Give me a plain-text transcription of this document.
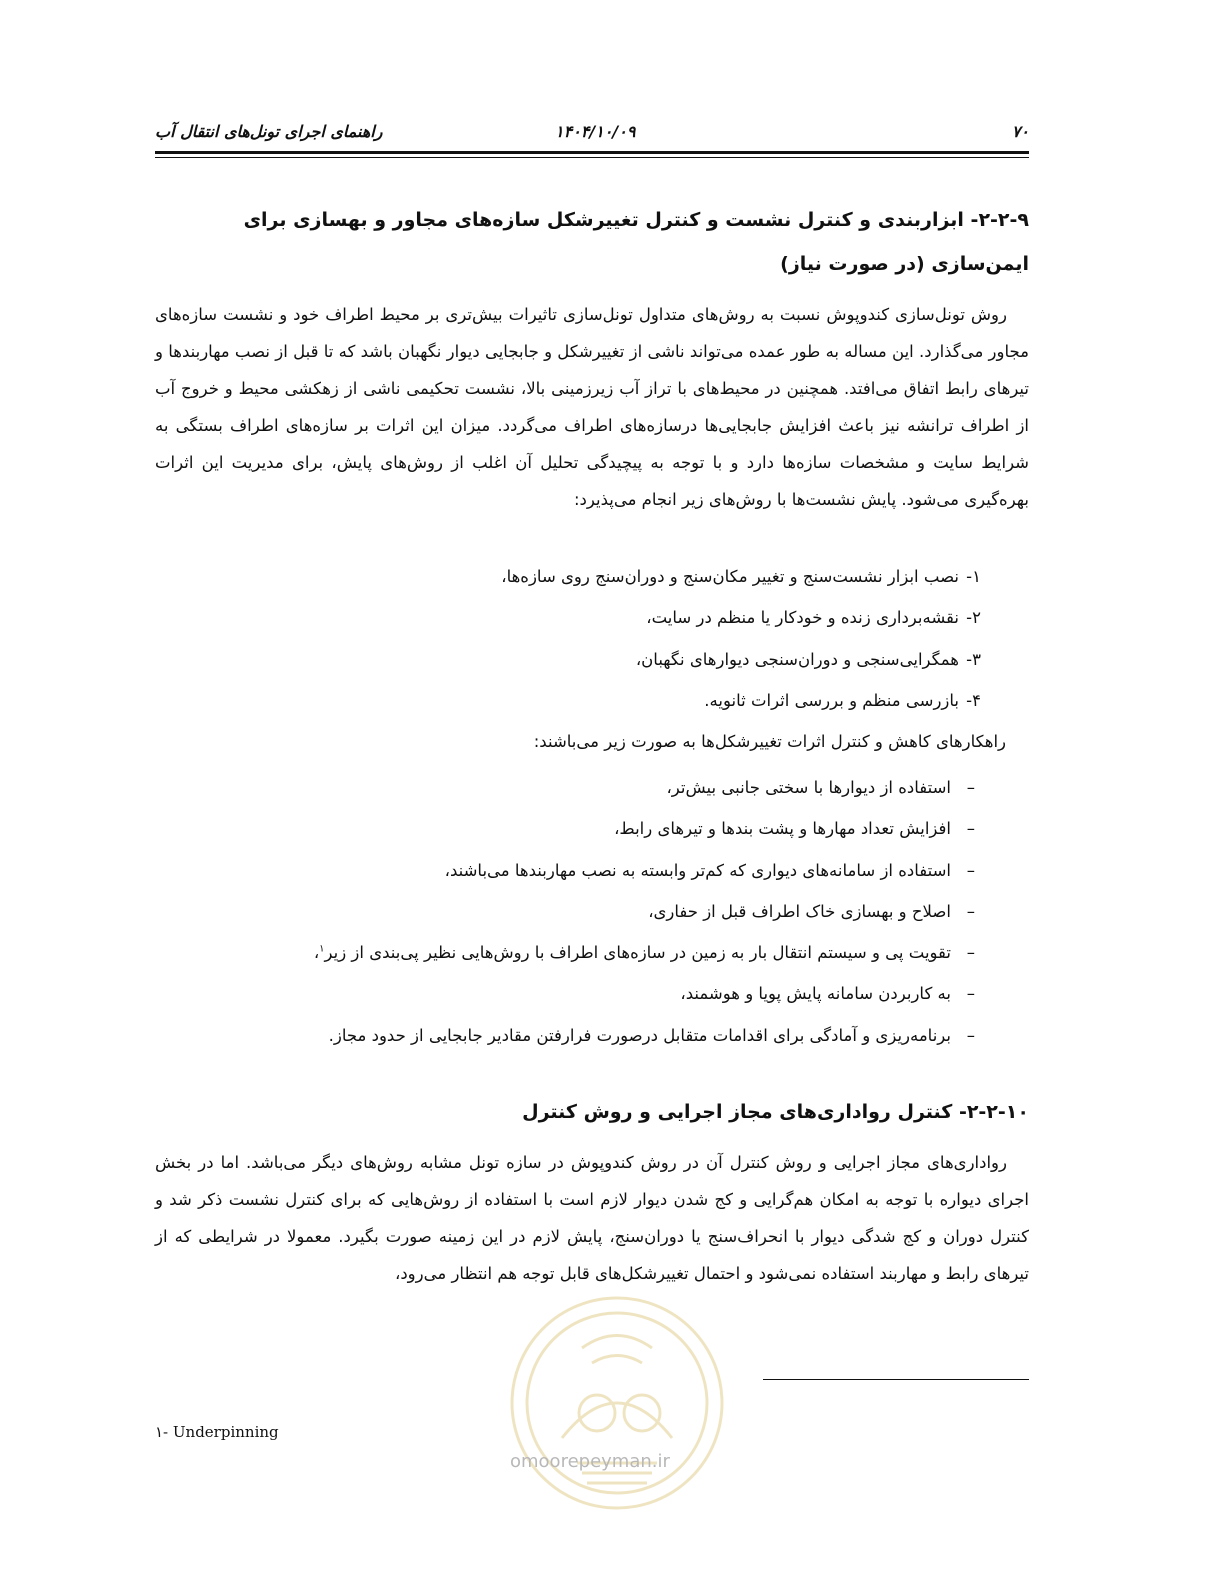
۷۰
۱۴۰۴/۱۰/۰۹
راهنمای اجرای تونل‌های انتقال آب
۲-۲-۹- ابزاربندی و کنترل نشست و کنترل تغییرشکل سازه‌های مجاور و بهسازی برای ایمن‌سازی (در صورت نیاز)

روش تونل‌سازی کندوپوش نسبت به روش‌های متداول تونل‌سازی تاثیرات بیش‌تری بر محیط اطراف خود و نشست سازه‌های مجاور می‌گذارد. این مساله به طور عمده می‌تواند ناشی از تغییرشکل و جابجایی دیوار نگهبان باشد که تا قبل از نصب مهاربندها و تیرهای رابط اتفاق می‌افتد. همچنین در محیط‌های با تراز آب زیرزمینی بالا، نشست تحکیمی ناشی از زهکشی محیط و خروج آب از اطراف ترانشه نیز باعث افزایش جابجایی‌ها درسازه‌های اطراف می‌گردد. میزان این اثرات بر سازه‌های اطراف بستگی به شرایط سایت و مشخصات سازه‌ها دارد و با توجه به پیچیدگی تحلیل آن اغلب از روش‌های پایش، برای مدیریت این اثرات بهره‌گیری می‌شود. پایش نشست‌ها با روش‌های زیر انجام می‌پذیرد:

۱-
نصب ابزار نشست‌سنج و تغییر مکان‌سنج و دوران‌سنج روی سازه‌ها،
۲-
نقشه‌برداری زنده و خودکار یا منظم در سایت،
۳-
همگرایی‌سنجی و دوران‌سنجی دیوارهای نگهبان،
۴-
بازرسی منظم و بررسی اثرات ثانویه.
راهکارهای کاهش و کنترل اثرات تغییرشکل‌ها به صورت زیر می‌باشند:
–
استفاده از دیوارها با سختی جانبی بیش‌تر،
–
افزایش تعداد مهارها و پشت بندها و تیرهای رابط،
–
استفاده از سامانه‌های دیواری که کم‌تر وابسته به نصب مهاربندها می‌باشند،
–
اصلاح و بهسازی خاک اطراف قبل از حفاری،
–
تقویت پی و سیستم انتقال بار به زمین در سازه‌های اطراف با روش‌هایی نظیر پی‌بندی از زیر$^۱$،
–
به کاربردن سامانه پایش پویا و هوشمند،
–
برنامه‌ریزی و آمادگی برای اقدامات متقابل درصورت فرارفتن مقادیر جابجایی از حدود مجاز.
۲-۲-۱۰- کنترل رواداری‌های مجاز اجرایی و روش کنترل

رواداری‌های مجاز اجرایی و روش کنترل آن در روش کندوپوش در سازه تونل مشابه روش‌های دیگر می‌باشد. اما در بخش اجرای دیواره با توجه به امکان هم‌گرایی و کج شدن دیوار لازم است با استفاده از روش‌هایی که برای کنترل نشست ذکر شد و کنترل دوران و کج شدگی دیوار با انحراف‌سنج یا دوران‌سنج، پایش لازم در این زمینه صورت بگیرد. معمولا در شرایطی که از تیرهای رابط و مهاربند استفاده نمی‌شود و احتمال تغییرشکل‌های قابل توجه هم انتظار می‌رود،

۱- Underpinning
omoorepeyman.ir
